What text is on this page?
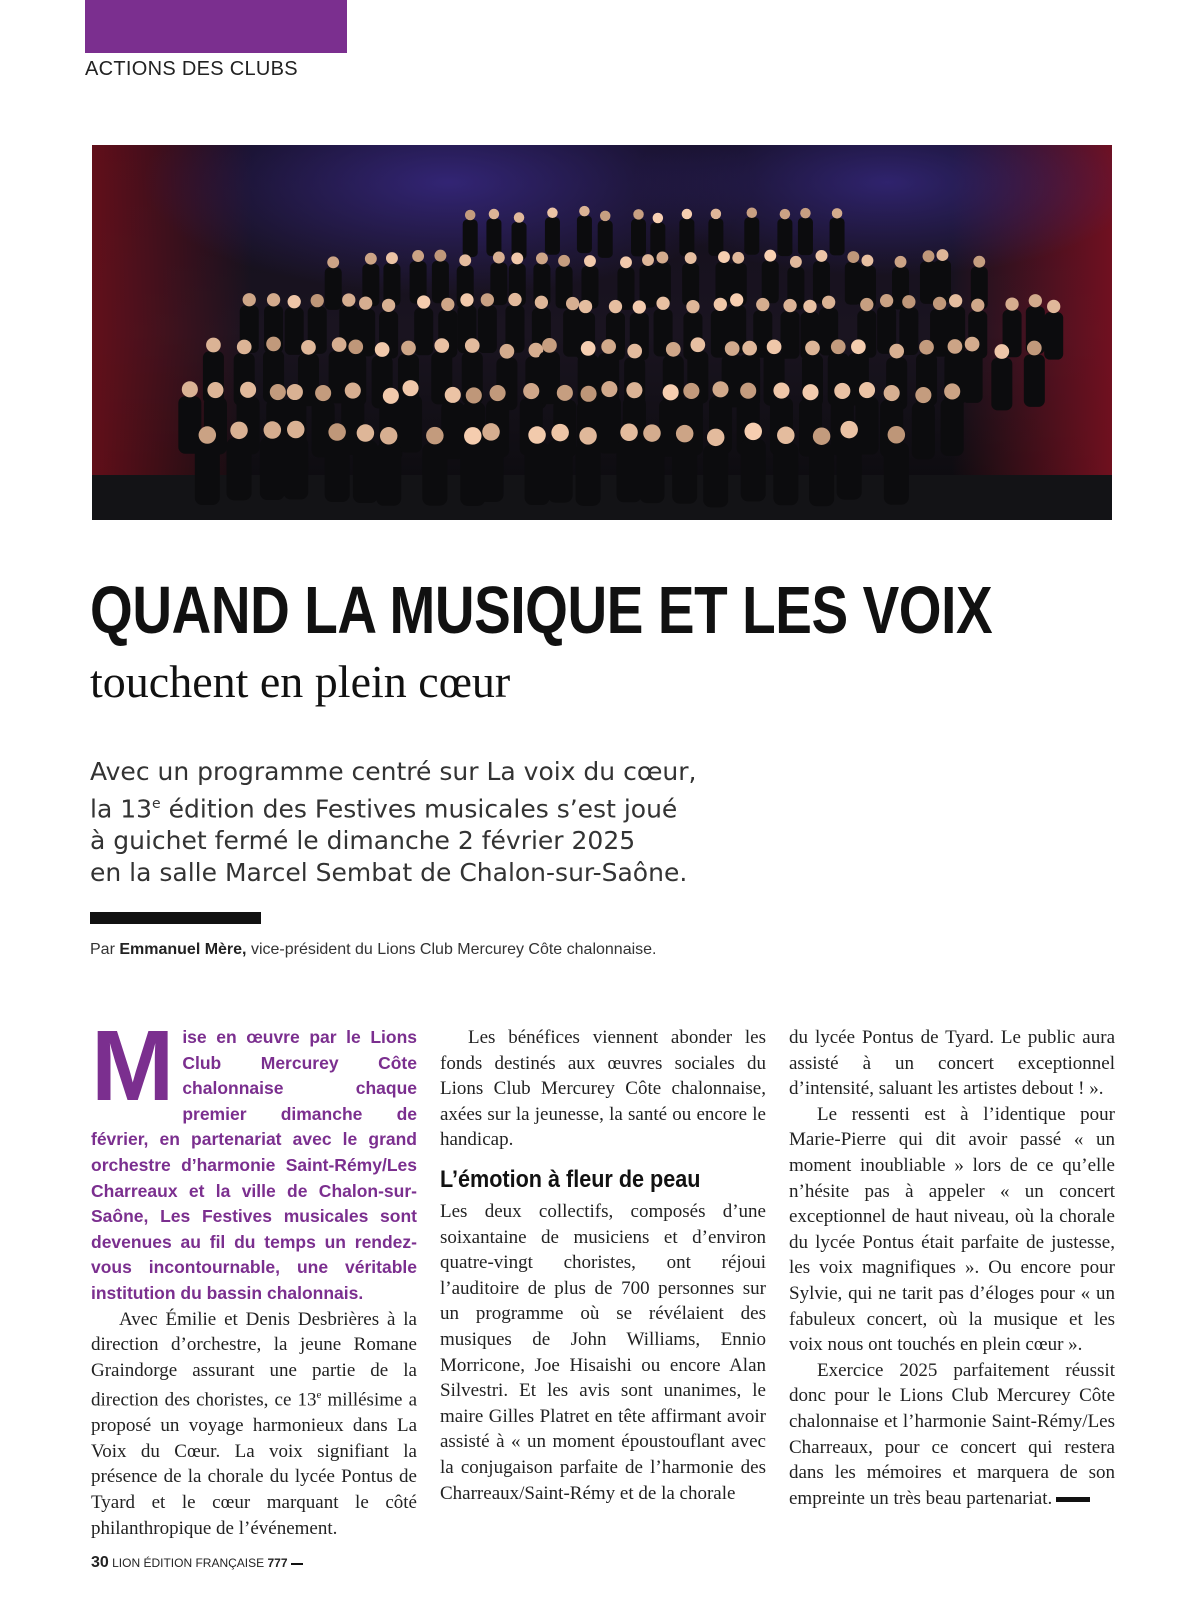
ACTIONS DES CLUBS
QUAND LA MUSIQUE ET LES VOIX
touchent en plein cœur
Avec un programme centré sur La voix du cœur,
la 13e édition des Festives musicales s’est joué
à guichet fermé le dimanche 2 février 2025
en la salle Marcel Sembat de Chalon-sur-Saône.
Par Emmanuel Mère, vice-président du Lions Club Mercurey Côte chalonnaise.

Mise en œuvre par le Lions Club Mercurey Côte chalonnaise chaque premier dimanche de février, en partenariat avec le grand orchestre d’harmonie Saint-Rémy/Les Charreaux et la ville de Chalon-sur-Saône, Les Festives musicales sont devenues au fil du temps un rendez-vous incontournable, une véritable institution du bassin chalonnais.

Avec Émilie et Denis Desbrières à la direction d’orchestre, la jeune Romane Graindorge assurant une partie de la direction des choristes, ce 13e millésime a proposé un voyage harmonieux dans La Voix du Cœur. La voix signifiant la présence de la chorale du lycée Pontus de Tyard et le cœur marquant le côté philanthropique de l’événement.

Les bénéfices viennent abonder les fonds destinés aux œuvres sociales du Lions Club Mercurey Côte chalonnaise, axées sur la jeunesse, la santé ou encore le handicap.

L’émotion à fleur de peau

Les deux collectifs, composés d’une soixantaine de musiciens et d’environ quatre-vingt choristes, ont réjoui l’auditoire de plus de 700 personnes sur un programme où se révélaient des musiques de John Williams, Ennio Morricone, Joe Hisaishi ou encore Alan Silvestri. Et les avis sont unanimes, le maire Gilles Platret en tête affirmant avoir assisté à « un moment époustouflant avec la conjugaison parfaite de l’harmonie des Charreaux/Saint-Rémy et de la chorale

du lycée Pontus de Tyard. Le public aura assisté à un concert exceptionnel d’intensité, saluant les artistes debout ! ».

Le ressenti est à l’identique pour Marie-Pierre qui dit avoir passé « un moment inoubliable » lors de ce qu’elle n’hésite pas à appeler « un concert exceptionnel de haut niveau, où la chorale du lycée Pontus était parfaite de justesse, les voix magnifiques ». Ou encore pour Sylvie, qui ne tarit pas d’éloges pour « un fabuleux concert, où la musique et les voix nous ont touchés en plein cœur ».

Exercice 2025 parfaitement réussit donc pour le Lions Club Mercurey Côte chalonnaise et l’harmonie Saint-Rémy/Les Charreaux, pour ce concert qui restera dans les mémoires et marquera de son empreinte un très beau partenariat.

30 LION ÉDITION FRANÇAISE 777
